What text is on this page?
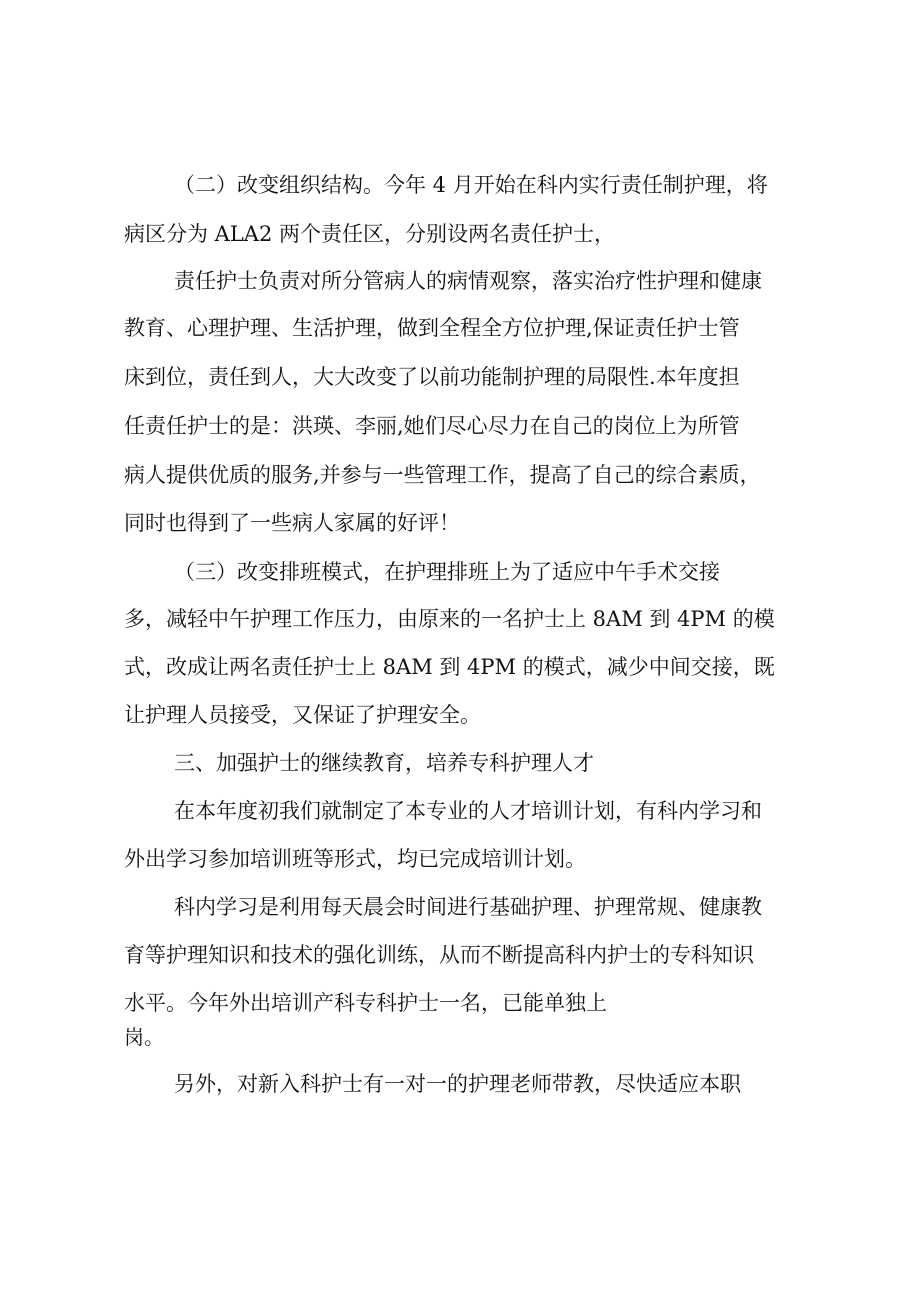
（二）改变组织结构。今年 4 月开始在科内实行责任制护理，将
病区分为 ALA2 两个责任区，分别设两名责任护士，
责任护士负责对所分管病人的病情观察，落实治疗性护理和健康
教育、心理护理、生活护理，做到全程全方位护理,保证责任护士管
床到位，责任到人，大大改变了以前功能制护理的局限性.本年度担
任责任护士的是：洪瑛、李丽,她们尽心尽力在自己的岗位上为所管
病人提供优质的服务,并参与一些管理工作，提高了自己的综合素质，
同时也得到了一些病人家属的好评！
（三）改变排班模式，在护理排班上为了适应中午手术交接
多，减轻中午护理工作压力，由原来的一名护士上 8AM 到 4PM 的模
式，改成让两名责任护士上 8AM 到 4PM 的模式，减少中间交接，既
让护理人员接受，又保证了护理安全。
三、加强护士的继续教育，培养专科护理人才
在本年度初我们就制定了本专业的人才培训计划，有科内学习和
外出学习参加培训班等形式，均已完成培训计划。
科内学习是利用每天晨会时间进行基础护理、护理常规、健康教
育等护理知识和技术的强化训练，从而不断提高科内护士的专科知识
水平。今年外出培训产科专科护士一名，已能单独上
岗。
另外，对新入科护士有一对一的护理老师带教，尽快适应本职
